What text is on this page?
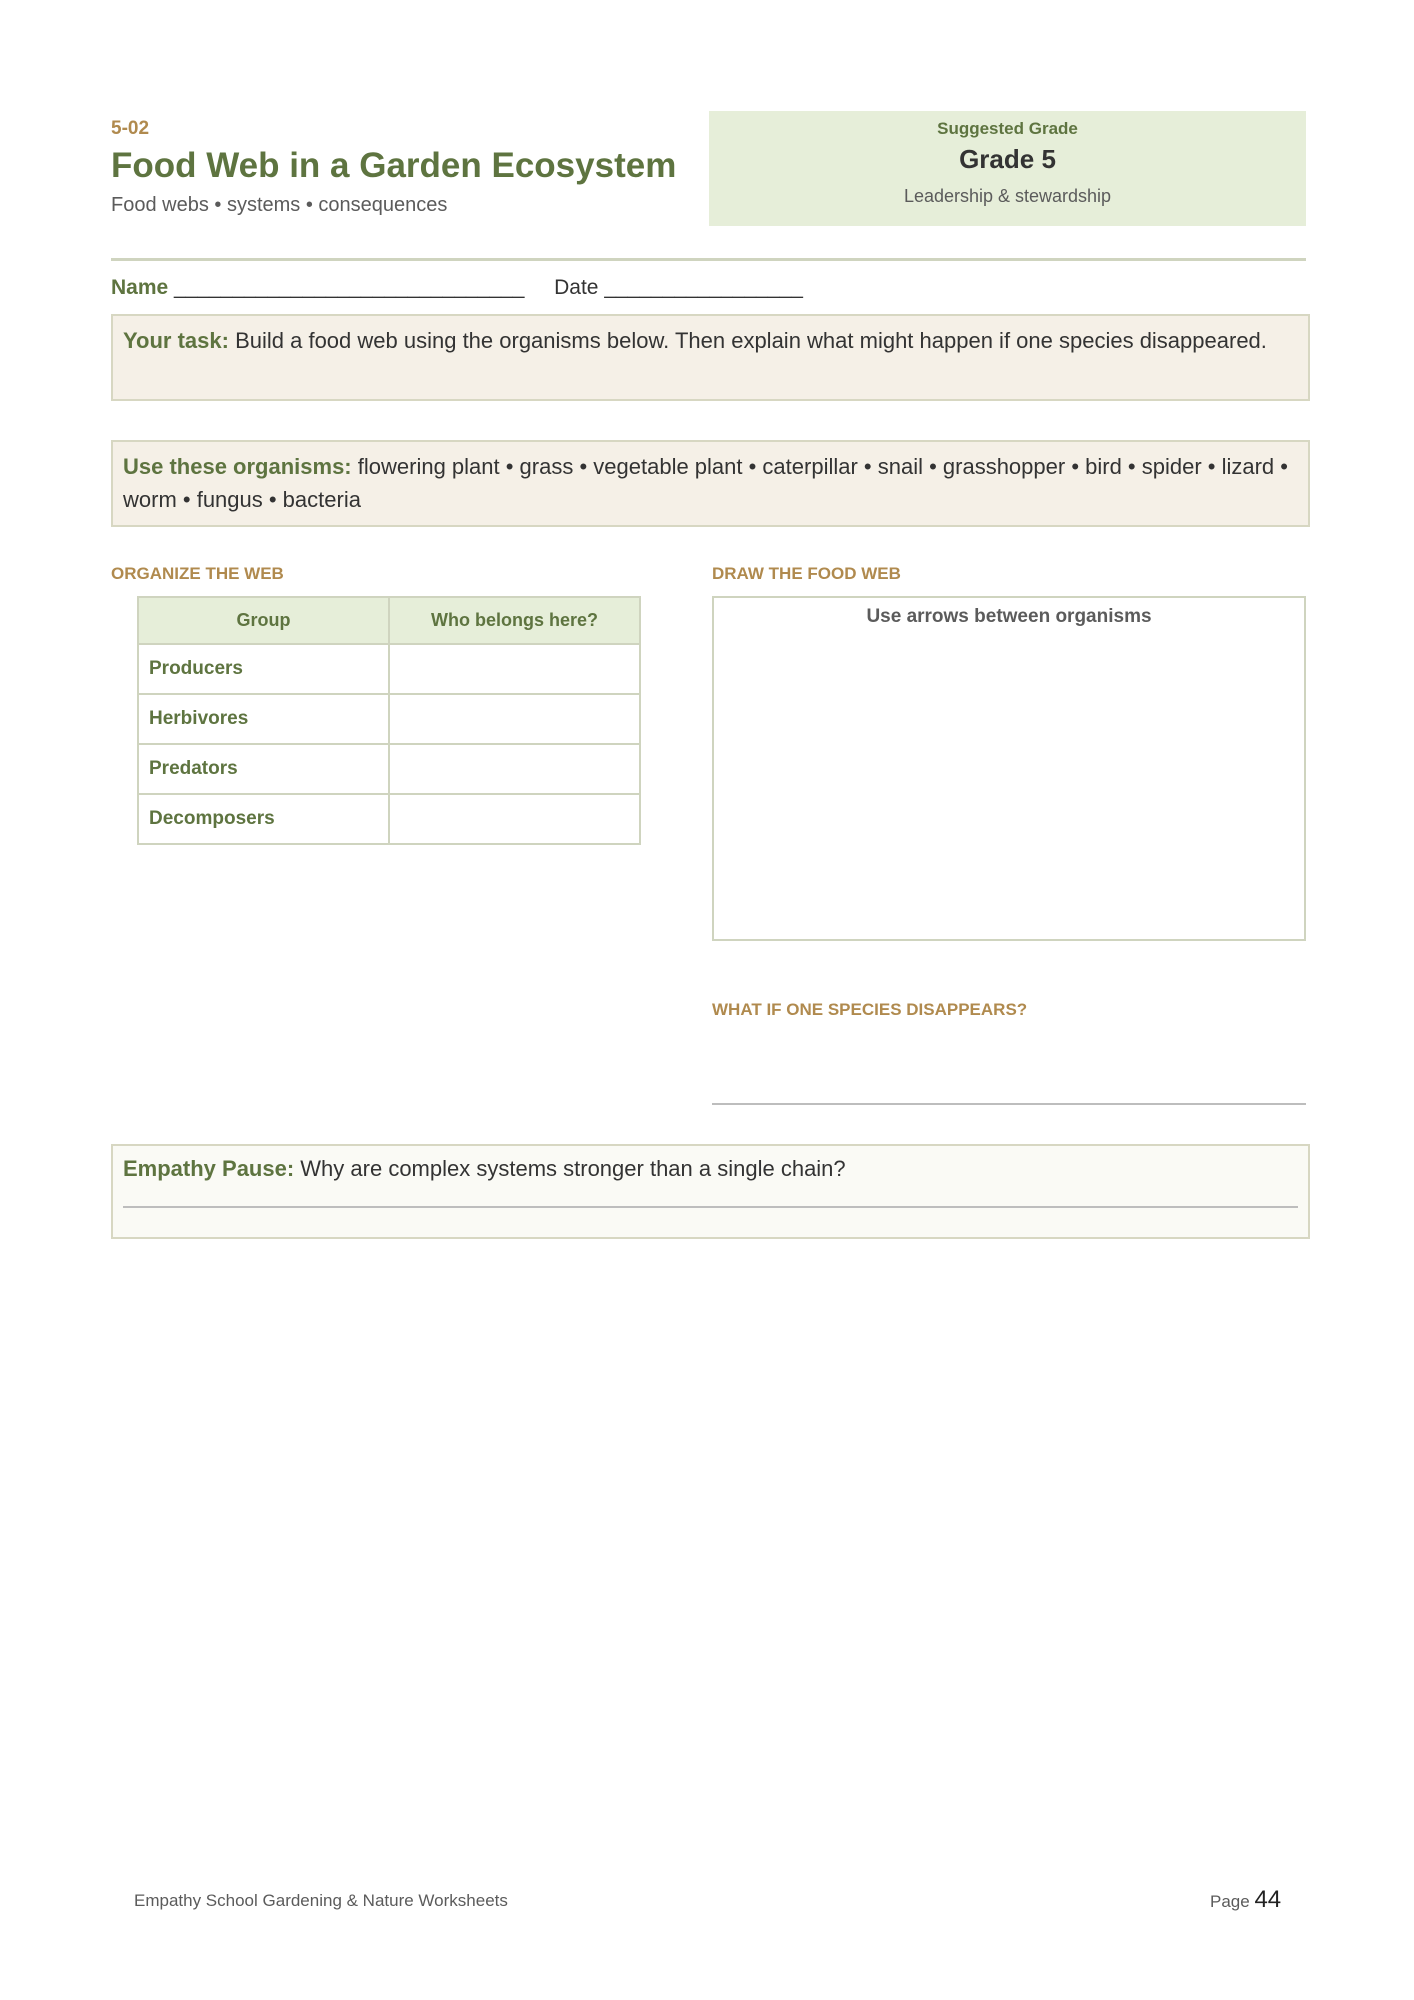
5-02
Food Web in a Garden Ecosystem
Food webs • systems • consequences
Suggested Grade
Grade 5
Leadership & stewardship
Name ______________________________ Date _________________
Your task: Build a food web using the organisms below. Then explain what might happen if one species disappeared.
Use these organisms: flowering plant • grass • vegetable plant • caterpillar • snail • grasshopper • bird • spider • lizard • worm • fungus • bacteria
ORGANIZE THE WEB
Group	Who belongs here?
Producers	
Herbivores	
Predators	
Decomposers	
DRAW THE FOOD WEB
Use arrows between organisms
WHAT IF ONE SPECIES DISAPPEARS?
Empathy Pause: Why are complex systems stronger than a single chain?
Empathy School Gardening & Nature Worksheets	Page 44
